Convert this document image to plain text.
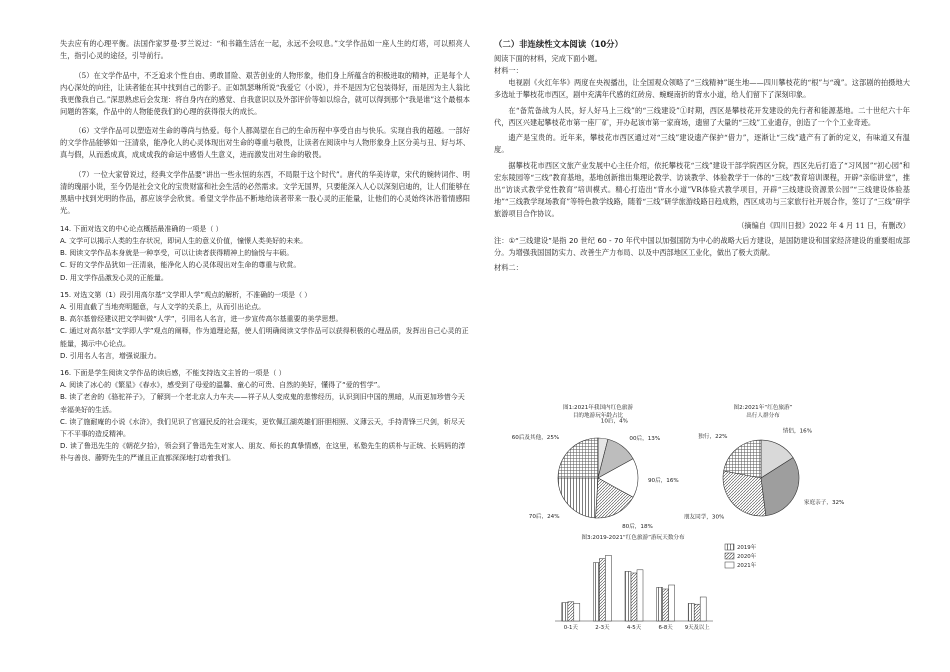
失去应有的心理平衡。法国作家罗曼·罗兰说过：“和书籍生活在一起，永远不会叹息。”文学作品如一座人生的灯塔，可以照亮人生，指引心灵的途径，引导前行。

（5）在文学作品中，不乏追求个性自由、勇敢冒险、艰苦创业的人物形象，他们身上所蕴含的积极进取的精神，正是每个人内心深处的向往，让读者能在其中找到自己的影子。正如凯瑟琳所说“我爱它（小说），并不是因为它包装得好，而是因为主人翁比我更像我自己。”深思熟虑后会发现：将自身内在的感觉、自我意识以及外部评价等如以综合，就可以得到那个“我是谁”这个最根本问题的答案，作品中的人物能使我们的心理的获得很大的成长。

（6）文学作品可以塑造对生命的尊尚与热爱。每个人都渴望在自己的生命历程中享受自由与快乐。实现自我的超越。一部好的文学作品能够如一汪清泉，能净化人的心灵体现出对生命的尊重与敬畏，让读者在阅读中与人物形象身上区分美与丑、好与坏、真与假，从而悉成真，成成成我的命运中感悟人生意义，进而激发出对生命的敬畏。

（7）一位大家曾说过，经典文学作品要“讲出一些永恒的东西，不局限于这个时代”。唐代的华美诗章，宋代的婉转词作、明清的瑰丽小说，至今仍是社会文化的宝贵财富和社会生活的必然需求。文学无国界，只要能深入人心以深刻启迪的，让人们能够在黑暗中找到光明的作品，都应该学会欣赏。希望文学作品不断地给读者带来一股心灵的正能量，让他们的心灵始终沐浴着情感阳光。

14. 下面对选文的中心论点概括最准确的一项是（ ）

A. 文学可以揭示人类的生存状况，即词人生的意义价值，憧憬人类美好的未来。

B. 阅读文学作品本身就是一种享受，可以让读者获得精神上的愉悦与丰硕。

C. 好的文学作品犹如一汪清泉，能净化人的心灵体现出对生命的尊重与欣赏。

D. 用文学作品激发心灵的正能量。

15. 对选文第（1）段引用高尔基“文学即人学”观点的解析，不准确的一项是（ ）

A. 引用直截了当地亮明题意，与人文学的关系上，从而引出论点。

B. 高尔基曾经建议把文学叫做“人学”，引用名人名言，进一步宣传高尔基重要的美学思想。

C. 通过对高尔基“文学即人学”观点的阐释，作为道理论据，使人们明确阅读文学作品可以获得积极的心理品质，发挥出自己心灵的正能量，揭示中心论点。

D. 引用名人名言，增强说服力。

16. 下面是学生阅读文学作品的读后感，不能支持选文主旨的一项是（ ）

A. 阅读了冰心的《繁星》《春水》，感受到了母爱的温馨、童心的可贵、自然的美好，懂得了“爱的哲学”。

B. 读了老舍的《骆驼祥子》，了解到一个老北京人力车夫——祥子从人变成鬼的悲惨经历，认识到旧中国的黑暗，从而更加珍惜今天幸福美好的生活。

C. 读了施耐庵的小说《水浒》，我们见识了官逼民反的社会现实，更钦佩江湖英雄们肝胆相照、义薄云天，手持青锋三尺剑，斩尽天下不平事的造反精神。

D. 读了鲁迅先生的《朝花夕拾》，领会到了鲁迅先生对家人、朋友、师长的真挚情感，在这里，私塾先生的质朴与正统、长妈妈的淳朴与善良、藤野先生的严谨且正直都深深地打动着我们。

（二）非连续性文本阅读（10分）

阅读下面的材料，完成下面小题。

材料一：

电视剧《火红年华》两度在央视播出，让全国观众领略了“三线精神”诞生地——四川攀枝花的“根”与“魂”。这部剧的拍摄地大多选址于攀枝花市西区，剧中充满年代感的红砖房、蜿蜒南折的背水小道，给人们留下了深刻印象。

在“备荒备战为人民，好人好马上三线”的“三线建设”①时期，西区是攀枝花开发建设的先行者和能源基地。二十世纪六十年代，西区兴建起攀枝花市第一座厂矿，开办起该市第一家商场，遗留了大量的“三线”工业遗存，创造了一个个工业奇迹。

遗产是宝贵的。近年来，攀枝花市西区通过对“三线”建设遗产保护“借力”，逐渐让“三线”遗产有了新的定义，有味道又有温度。

据攀枝花市西区文旅产业发展中心主任介绍，依托攀枝花“三线”建设干部学院西区分院，西区先后打造了“习风园”“初心园”和宏东陵园等“三线”教育基地，基地创新推出集理论教学、访谈教学、体验教学于一体的“三线”教育培训课程，开辟“亲临讲堂”，推出“访谈式教学党性教育”培训模式。精心打造出“背水小道”VR体验式教学项目，开辟“三线建设资源景公园”“三线建设体验基地”“三线教学现场教育”等特色教学线路，随着“三线”研学旅游线路日趋成熟，西区成功与三家旅行社开展合作，签订了“三线”研学旅游项目合作协议。

（摘编自《四川日报》2022 年 4 月 11 日，有删改）

注：①“三线建设”是指 20 世纪 60 - 70 年代中国以加强国防为中心的战略大后方建设，是国防建设和国家经济建设的重要组成部分。为增强我国国防实力、改善生产力布局、以及中西部地区工业化，做出了极大贡献。

材料二：

图1:2021年我国内红色旅游
目的地游玩年龄占比
10后，4%
00后，13%
90后，16%
80后，18%
70后，24%
60后及其他，25%
图2:2021年“红色旅游”
出行人群分布
情侣，16%
家庭亲子，32%
朋友同学，30%
独行，22%
图3:2019-2021“红色旅游”游玩天数分布
0-1天	2-3天	4-5天	6-8天 9天及以上
2019年
2020年
2021年
